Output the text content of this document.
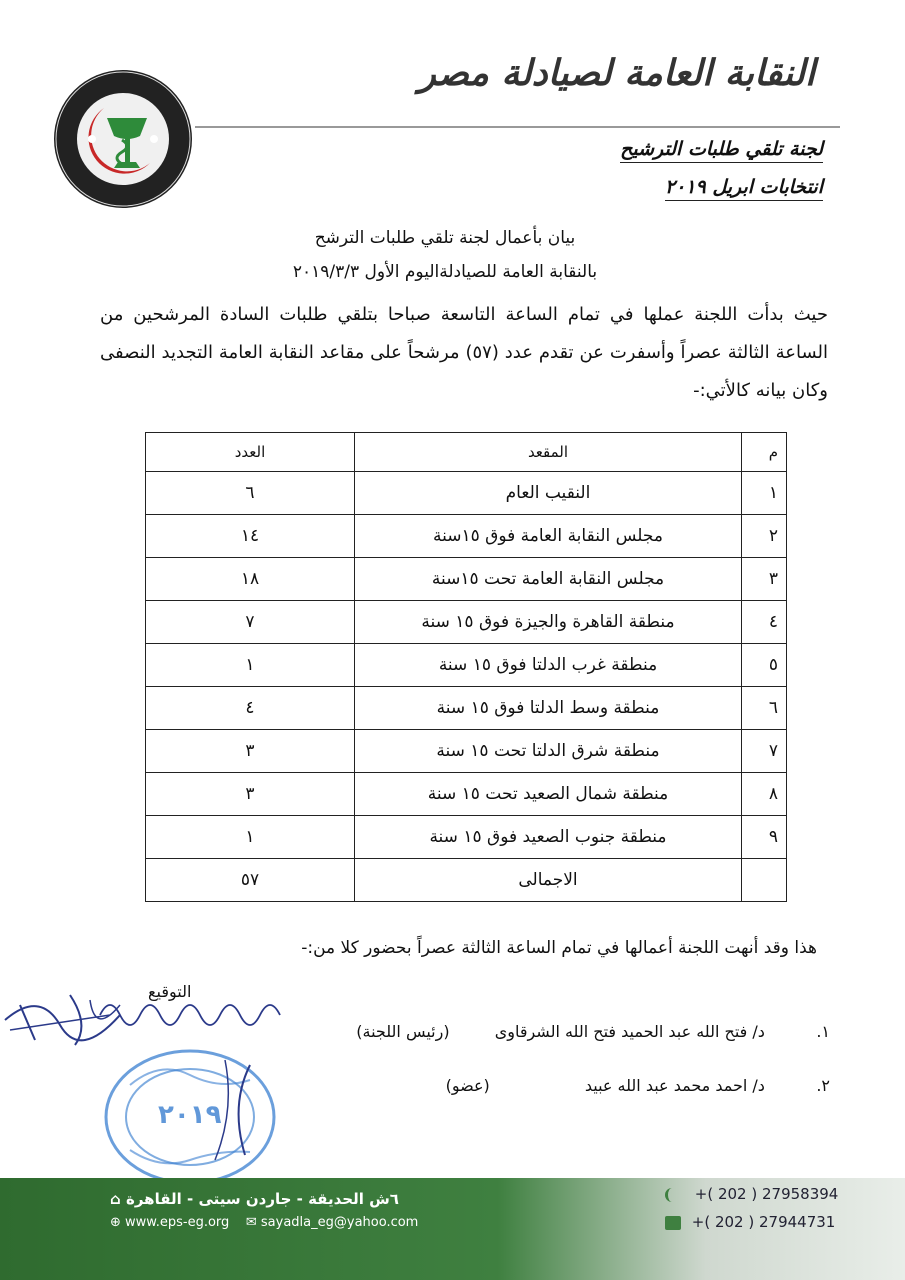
النقابة العامة لصيادلة مصر
لجنة تلقي طلبات الترشيح
انتخابات ابريل ٢٠١٩
بيان بأعمال لجنة تلقي طلبات الترشح
بالنقابة العامة للصيادلةاليوم الأول ٢٠١٩/٣/٣
حيث بدأت اللجنة عملها في تمام الساعة التاسعة صباحا بتلقي طلبات السادة المرشحين من الساعة الثالثة عصراً وأسفرت عن تقدم عدد (٥٧) مرشحاً على مقاعد النقابة العامة التجديد النصفى وكان بيانه كالأتي:-
م	المقعد	العدد
١	النقيب العام	٦
٢	مجلس النقابة العامة فوق ١٥سنة	١٤
٣	مجلس النقابة العامة تحت ١٥سنة	١٨
٤	منطقة القاهرة والجيزة فوق ١٥ سنة	٧
٥	منطقة غرب الدلتا فوق ١٥ سنة	١
٦	منطقة وسط الدلتا فوق ١٥ سنة	٤
٧	منطقة شرق الدلتا تحت ١٥ سنة	٣
٨	منطقة شمال الصعيد تحت ١٥ سنة	٣
٩	منطقة جنوب الصعيد فوق ١٥ سنة	١
	الاجمالى	٥٧
هذا وقد أنهت اللجنة أعمالها في تمام الساعة الثالثة عصراً بحضور كلا من:-
التوقيع
١. د/ فتح الله عبد الحميد فتح الله الشرقاوى (رئيس اللجنة)
٢. د/ احمد محمد عبد الله عبيد (عضو)
٢٠١٩
٦ش الحديقة - جاردن سيتى - القاهرة ⌂
⊕ www.eps-eg.org ✉ sayadla_eg@yahoo.com
+( 202 ) 27958394
+( 202 ) 27944731
